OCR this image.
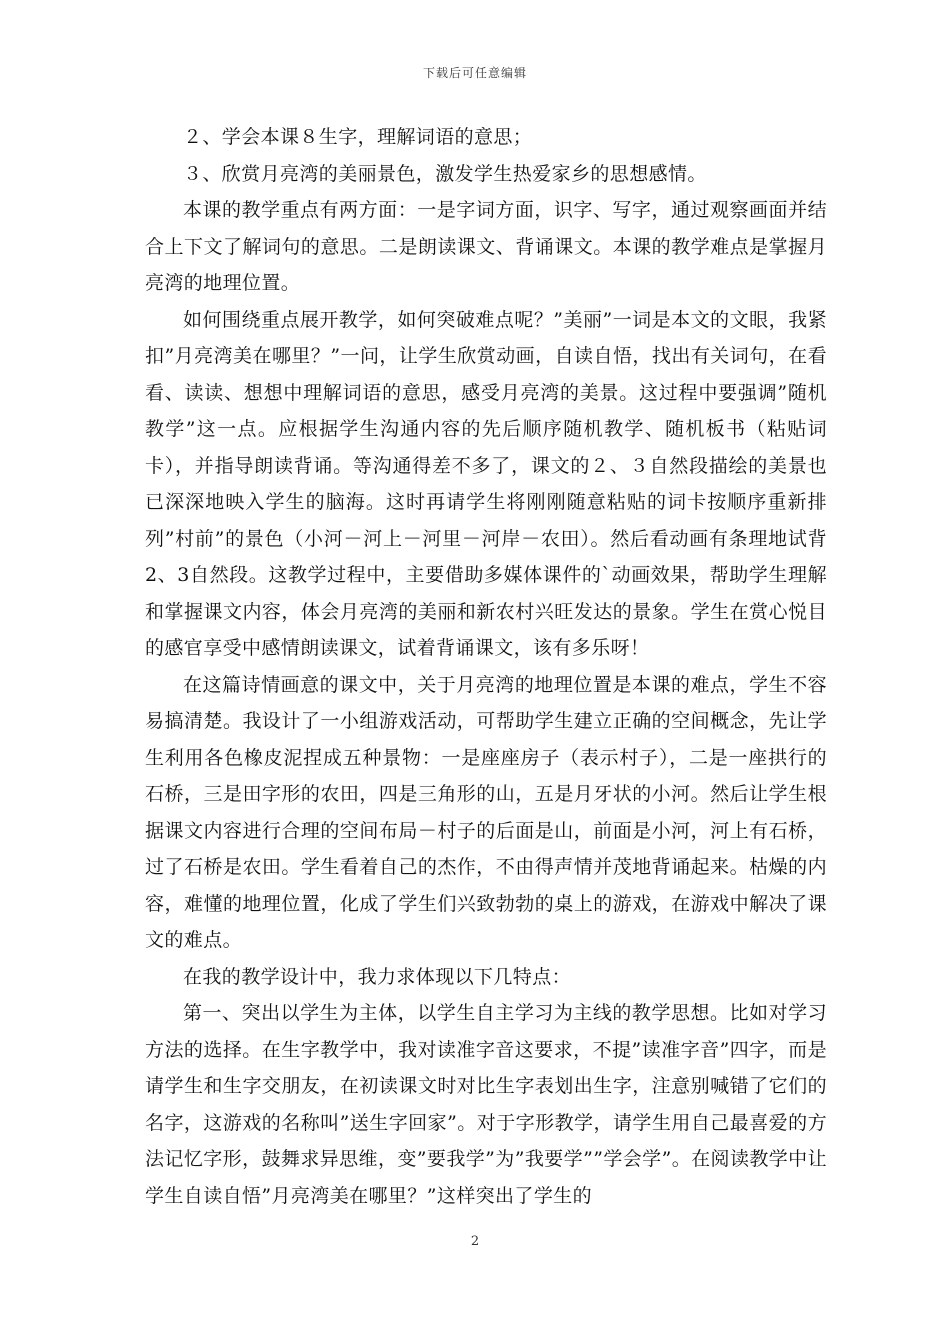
下载后可任意编辑

２、学会本课８生字，理解词语的意思；

３、欣赏月亮湾的美丽景色，激发学生热爱家乡的思想感情。

本课的教学重点有两方面：一是字词方面，识字、写字，通过观察画面并结合上下文了解词句的意思。二是朗读课文、背诵课文。本课的教学难点是掌握月亮湾的地理位置。

如何围绕重点展开教学，如何突破难点呢？”美丽”一词是本文的文眼，我紧扣”月亮湾美在哪里？”一问，让学生欣赏动画，自读自悟，找出有关词句，在看看、读读、想想中理解词语的意思，感受月亮湾的美景。这过程中要强调”随机教学”这一点。应根据学生沟通内容的先后顺序随机教学、随机板书（粘贴词卡），并指导朗读背诵。等沟通得差不多了，课文的２、３自然段描绘的美景也已深深地映入学生的脑海。这时再请学生将刚刚随意粘贴的词卡按顺序重新排列”村前”的景色（小河－河上－河里－河岸－农田）。然后看动画有条理地试背2、3自然段。这教学过程中，主要借助多媒体课件的`动画效果，帮助学生理解和掌握课文内容，体会月亮湾的美丽和新农村兴旺发达的景象。学生在赏心悦目的感官享受中感情朗读课文，试着背诵课文，该有多乐呀！

在这篇诗情画意的课文中，关于月亮湾的地理位置是本课的难点，学生不容易搞清楚。我设计了一小组游戏活动，可帮助学生建立正确的空间概念，先让学生利用各色橡皮泥捏成五种景物：一是座座房子（表示村子），二是一座拱行的石桥，三是田字形的农田，四是三角形的山，五是月牙状的小河。然后让学生根据课文内容进行合理的空间布局－村子的后面是山，前面是小河，河上有石桥，过了石桥是农田。学生看着自己的杰作，不由得声情并茂地背诵起来。枯燥的内容，难懂的地理位置，化成了学生们兴致勃勃的桌上的游戏，在游戏中解决了课文的难点。

在我的教学设计中，我力求体现以下几特点：

第一、突出以学生为主体，以学生自主学习为主线的教学思想。比如对学习方法的选择。在生字教学中，我对读准字音这要求，不提”读准字音”四字，而是请学生和生字交朋友，在初读课文时对比生字表划出生字，注意别喊错了它们的名字，这游戏的名称叫”送生字回家”。对于字形教学，请学生用自己最喜爱的方法记忆字形，鼓舞求异思维，变”要我学”为”我要学””学会学”。在阅读教学中让学生自读自悟”月亮湾美在哪里？”这样突出了学生的

2
